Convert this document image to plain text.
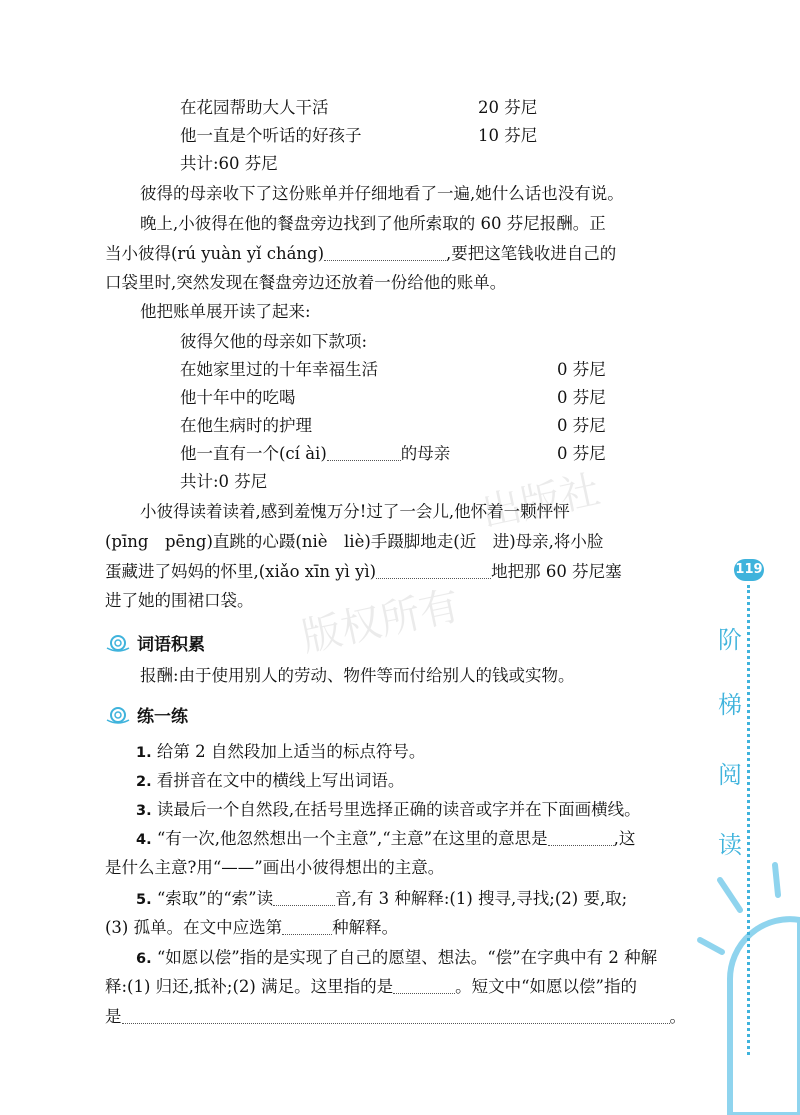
在花园帮助大人干活	20 芬尼
他一直是个听话的好孩子	10 芬尼
共计:60 芬尼
彼得的母亲收下了这份账单并仔细地看了一遍,她什么话也没有说。
晚上,小彼得在他的餐盘旁边找到了他所索取的 60 芬尼报酬。正
当小彼得(rú yuàn yǐ cháng)	,要把这笔钱收进自己的
口袋里时,突然发现在餐盘旁边还放着一份给他的账单。
他把账单展开读了起来:
彼得欠他的母亲如下款项:
在她家里过的十年幸福生活	0 芬尼
他十年中的吃喝	0 芬尼
在他生病时的护理	0 芬尼
他一直有一个(cí ài)	的母亲	0 芬尼
共计:0 芬尼
小彼得读着读着,感到羞愧万分!过了一会儿,他怀着一颗怦怦
(pīng　pēng)直跳的心蹑(niè　liè)手蹑脚地走(近　进)母亲,将小脸
蛋藏进了妈妈的怀里,(xiǎo xīn yì yì)	地把那 60 芬尼塞
进了她的围裙口袋。
词语积累
报酬:由于使用别人的劳动、物件等而付给别人的钱或实物。
练一练
1. 给第 2 自然段加上适当的标点符号。
2. 看拼音在文中的横线上写出词语。
3. 读最后一个自然段,在括号里选择正确的读音或字并在下面画横线。
4. “有一次,他忽然想出一个主意”,“主意”在这里的意思是	,这
是什么主意?用“——”画出小彼得想出的主意。
5. “索取”的“索”读	音,有 3 种解释:(1) 搜寻,寻找;(2) 要,取;
(3) 孤单。在文中应选第	种解释。
6. “如愿以偿”指的是实现了自己的愿望、想法。“偿”在字典中有 2 种解
释:(1) 归还,抵补;(2) 满足。这里指的是	。短文中“如愿以偿”指的
是	。
出版社
版权所有
119
阶
梯
阅
读
